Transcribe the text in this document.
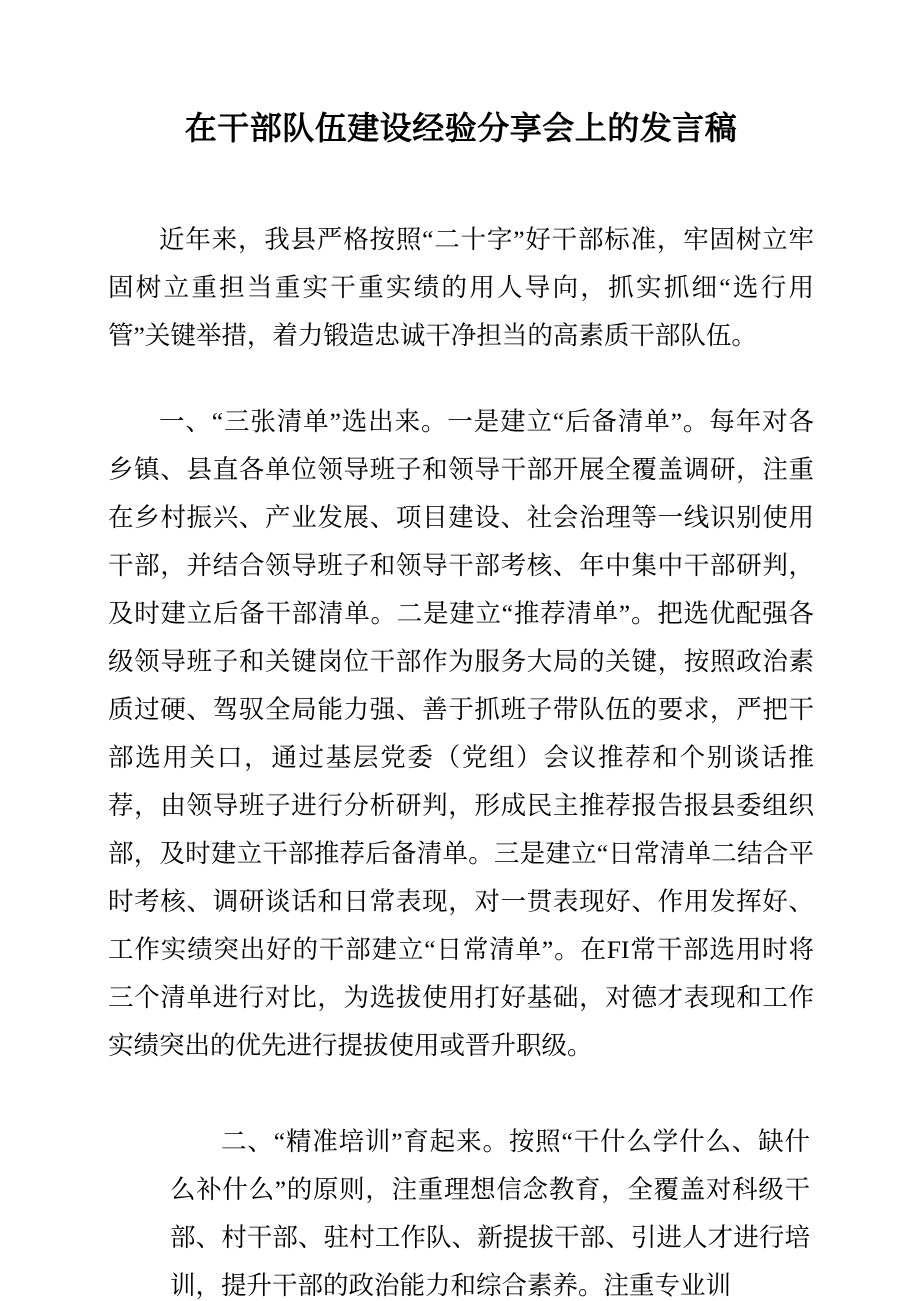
在干部队伍建设经验分享会上的发言稿

近年来，我县严格按照“二十字”好干部标准，牢固树立牢固树立重担当重实干重实绩的用人导向，抓实抓细“选行用管”关键举措，着力锻造忠诚干净担当的高素质干部队伍。

一、“三张清单”选出来。一是建立“后备清单”。每年对各乡镇、县直各单位领导班子和领导干部开展全覆盖调研，注重在乡村振兴、产业发展、项目建设、社会治理等一线识别使用干部，并结合领导班子和领导干部考核、年中集中干部研判，及时建立后备干部清单。二是建立“推荐清单”。把选优配强各级领导班子和关键岗位干部作为服务大局的关键，按照政治素质过硬、驾驭全局能力强、善于抓班子带队伍的要求，严把干部选用关口，通过基层党委（党组）会议推荐和个别谈话推荐，由领导班子进行分析研判，形成民主推荐报告报县委组织部，及时建立干部推荐后备清单。三是建立“日常清单二结合平时考核、调研谈话和日常表现，对一贯表现好、作用发挥好、工作实绩突出好的干部建立“日常清单”。在FI常干部选用时将三个清单进行对比，为选拔使用打好基础，对德才表现和工作实绩突出的优先进行提拔使用或晋升职级。

二、“精准培训”育起来。按照“干什么学什么、缺什么补什么”的原则，注重理想信念教育，全覆盖对科级干部、村干部、驻村工作队、新提拔干部、引进人才进行培训，提升干部的政治能力和综合素养。注重专业训
